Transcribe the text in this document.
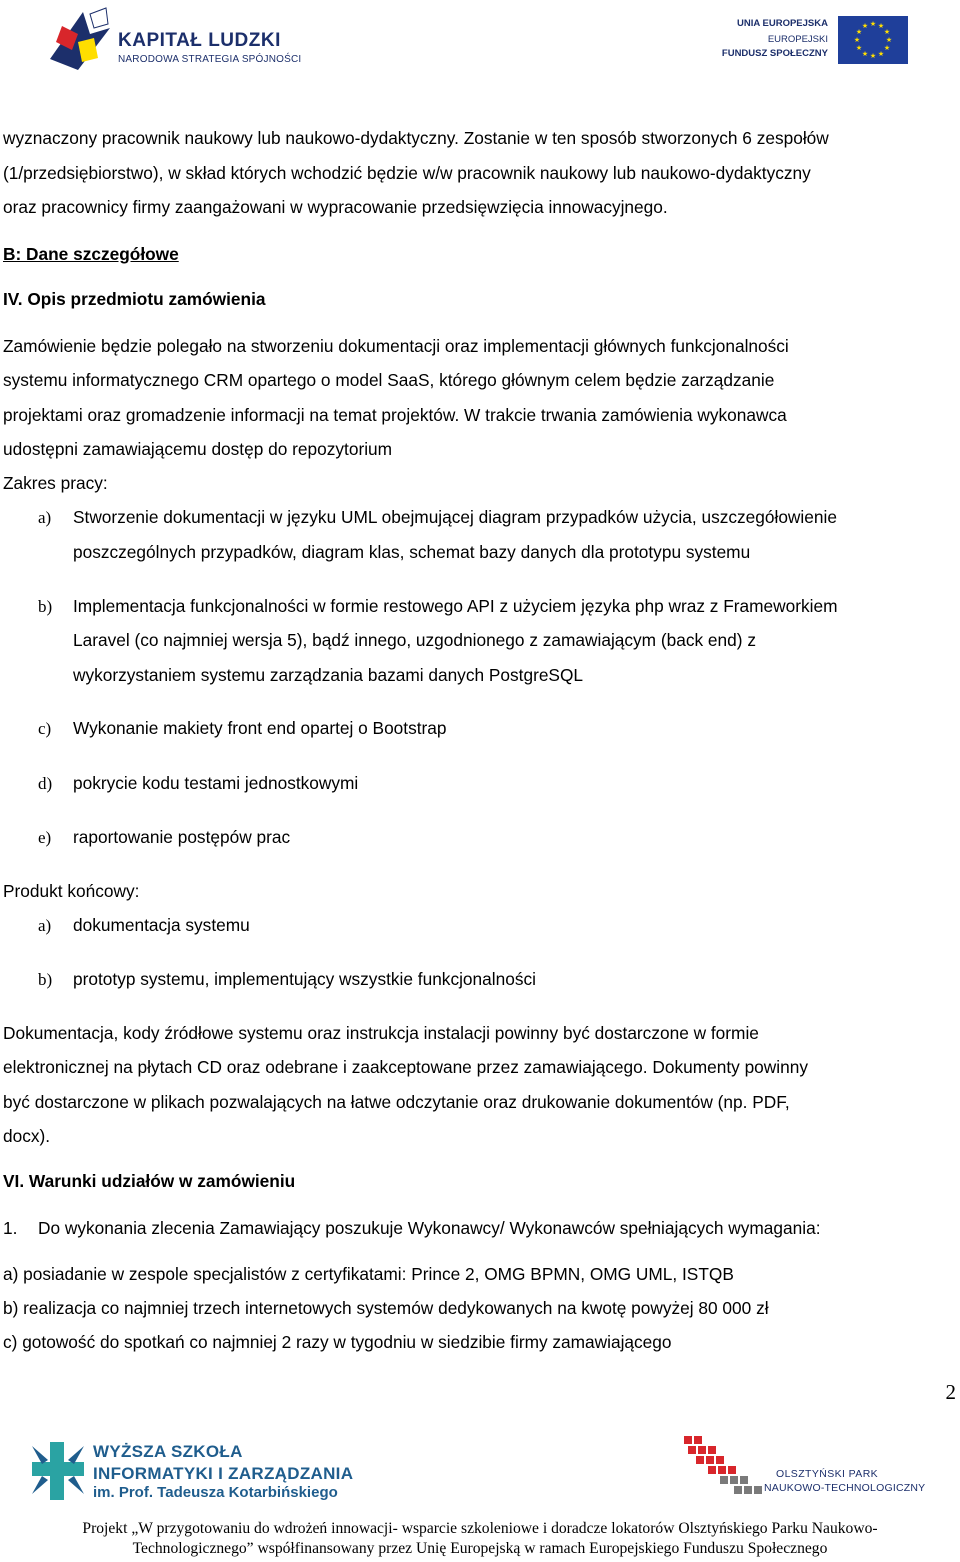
KAPITAŁ LUDZKI
NARODOWA STRATEGIA SPÓJNOŚCI
UNIA EUROPEJSKA
EUROPEJSKI
FUNDUSZ SPOŁECZNY
★ ★
★
★
★
★
★
★
★
★
★
★
wyznaczony pracownik naukowy lub naukowo-dydaktyczny. Zostanie w ten sposób stworzonych 6 zespołów
(1/przedsiębiorstwo), w skład których wchodzić będzie w/w pracownik naukowy lub naukowo-dydaktyczny
oraz pracownicy firmy zaangażowani w wypracowanie przedsięwzięcia innowacyjnego.
B: Dane szczegółowe
IV. Opis przedmiotu zamówienia
Zamówienie będzie polegało na stworzeniu dokumentacji oraz implementacji głównych funkcjonalności
systemu informatycznego CRM opartego o model SaaS, którego głównym celem będzie zarządzanie
projektami oraz gromadzenie informacji na temat projektów. W trakcie trwania zamówienia wykonawca
udostępni zamawiającemu dostęp do repozytorium
Zakres pracy:
a) Stworzenie dokumentacji w języku UML obejmującej diagram przypadków użycia, uszczegółowienie
poszczególnych przypadków, diagram klas, schemat bazy danych dla prototypu systemu
b) Implementacja funkcjonalności w formie restowego API z użyciem języka php wraz z Frameworkiem
Laravel (co najmniej wersja 5), bądź innego, uzgodnionego z zamawiającym (back end) z
wykorzystaniem systemu zarządzania bazami danych PostgreSQL
c) Wykonanie makiety front end opartej o Bootstrap
d) pokrycie kodu testami jednostkowymi
e) raportowanie postępów prac
Produkt końcowy:
a) dokumentacja systemu
b) prototyp systemu, implementujący wszystkie funkcjonalności
Dokumentacja, kody źródłowe systemu oraz instrukcja instalacji powinny być dostarczone w formie
elektronicznej na płytach CD oraz odebrane i zaakceptowane przez zamawiającego. Dokumenty powinny
być dostarczone w plikach pozwalających na łatwe odczytanie oraz drukowanie dokumentów (np. PDF,
docx).
VI. Warunki udziałów w zamówieniu
1. Do wykonania zlecenia Zamawiający poszukuje Wykonawcy/ Wykonawców spełniających wymagania:
a) posiadanie w zespole specjalistów z certyfikatami: Prince 2, OMG BPMN, OMG UML, ISTQB
b) realizacja co najmniej trzech internetowych systemów dedykowanych na kwotę powyżej 80 000 zł
c) gotowość do spotkań co najmniej 2 razy w tygodniu w siedzibie firmy zamawiającego
2
WYŻSZA SZKOŁA
INFORMATYKI I ZARZĄDZANIA
im. Prof. Tadeusza Kotarbińskiego
OLSZTYŃSKI PARK
NAUKOWO-TECHNOLOGICZNY
Projekt „W przygotowaniu do wdrożeń innowacji- wsparcie szkoleniowe i doradcze lokatorów Olsztyńskiego Parku Naukowo-
Technologicznego” współfinansowany przez Unię Europejską w ramach Europejskiego Funduszu Społecznego
